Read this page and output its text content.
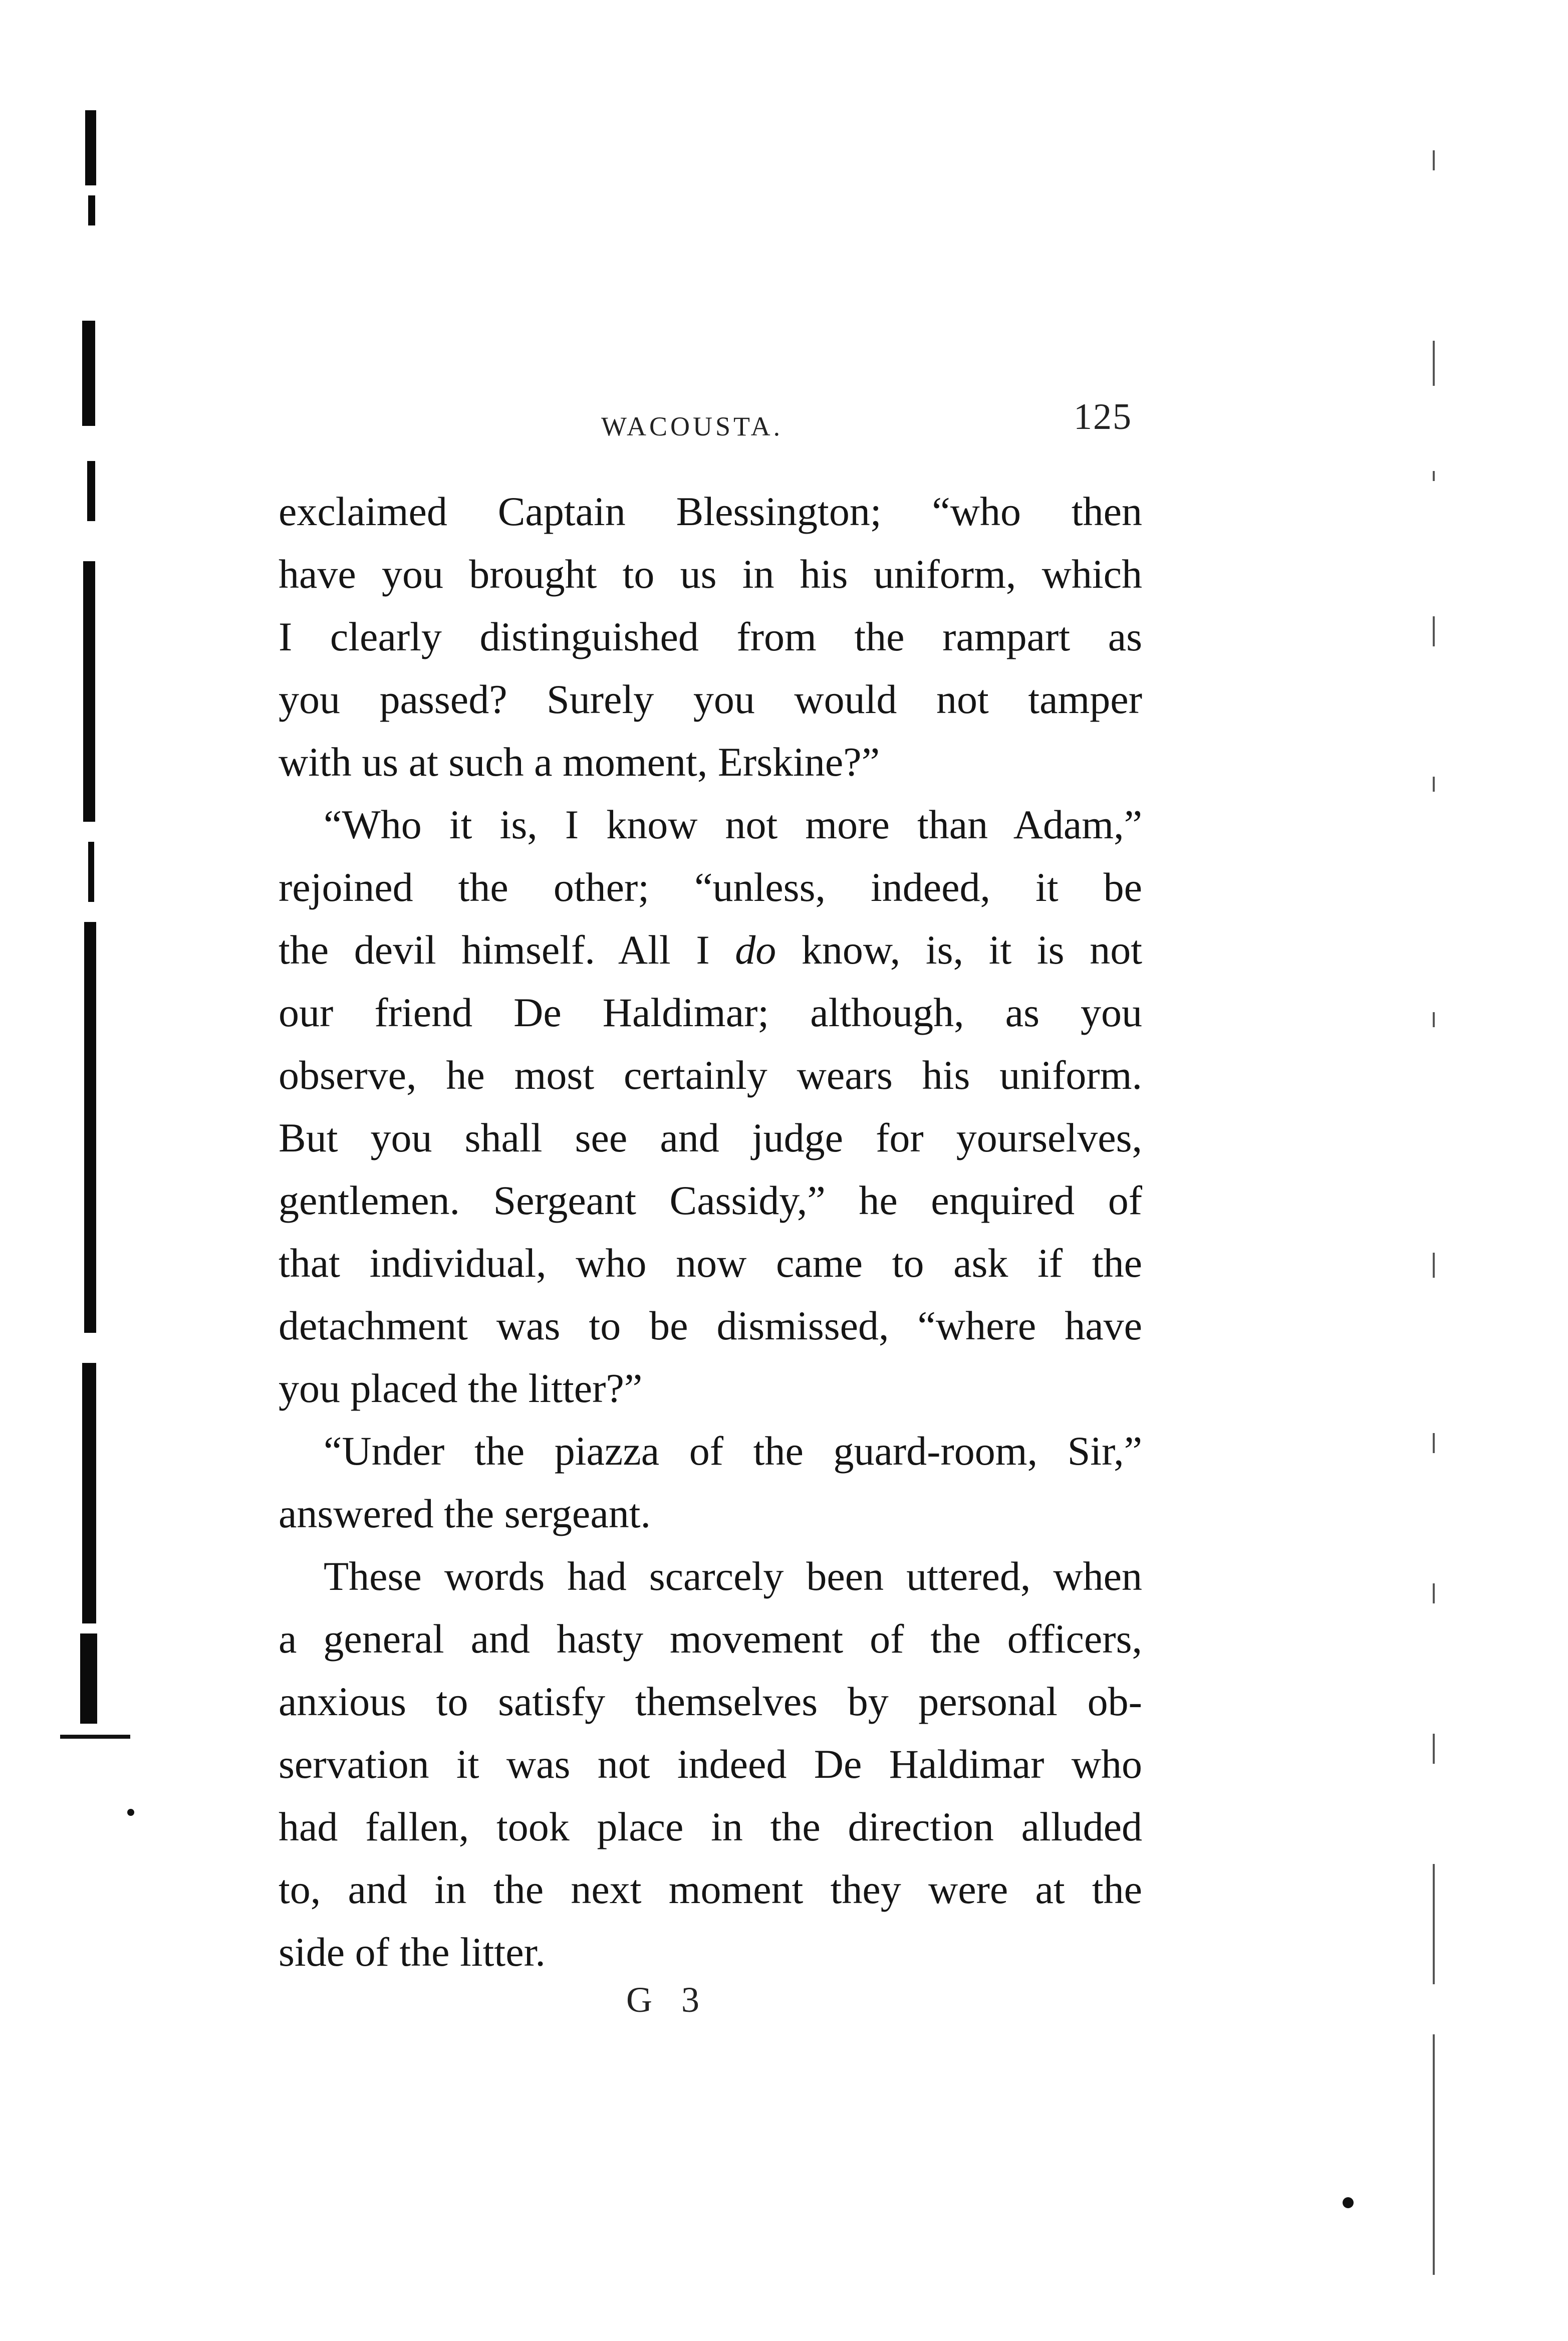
WACOUSTA.	125
exclaimed Captain Blessington; “who then
have you brought to us in his uniform, which
I clearly distinguished from the rampart as
you passed? Surely you would not tamper
with us at such a moment, Erskine?”
“Who it is, I know not more than Adam,”
rejoined the other; “unless, indeed, it be
the devil himself. All I do know, is, it is not
our friend De Haldimar; although, as you
observe, he most certainly wears his uniform.
But you shall see and judge for yourselves,
gentlemen. Sergeant Cassidy,” he enquired of
that individual, who now came to ask if the
detachment was to be dismissed, “where have
you placed the litter?”
“Under the piazza of the guard-room, Sir,”
answered the sergeant.
These words had scarcely been uttered, when
a general and hasty movement of the officers,
anxious to satisfy themselves by personal ob-
servation it was not indeed De Haldimar who
had fallen, took place in the direction alluded
to, and in the next moment they were at the
side of the litter.
G 3
